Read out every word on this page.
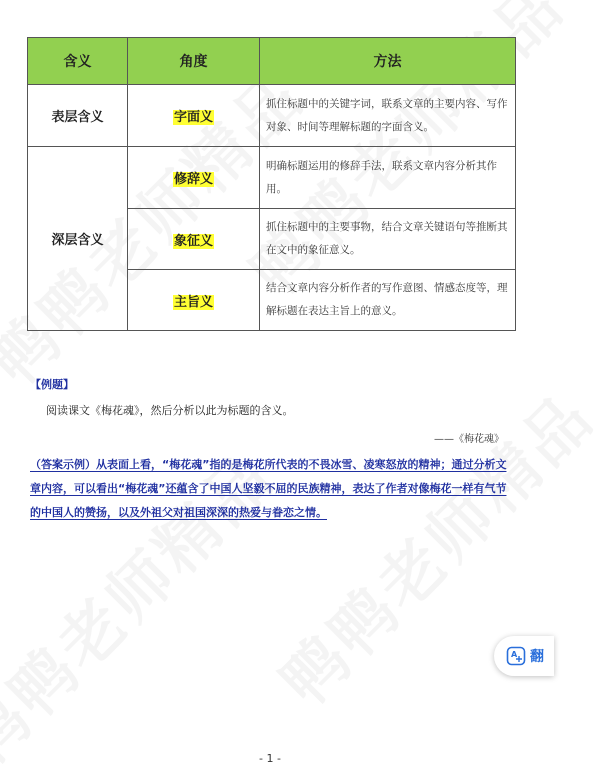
含义	角度	方法
表层含义	字面义	抓住标题中的关键字词，联系文章的主要内容、写作对象、时间等理解标题的字面含义。
深层含义	修辞义	明确标题运用的修辞手法，联系文章内容分析其作用。
	象征义	抓住标题中的主要事物，结合文章关键语句等推断其在文中的象征意义。
	主旨义	结合文章内容分析作者的写作意图、情感态度等，理解标题在表达主旨上的意义。
【例题】
阅读课文《梅花魂》，然后分析以此为标题的含义。
——《梅花魂》
（答案示例）从表面上看，“梅花魂”指的是梅花所代表的不畏冰雪、凌寒怒放的精神；通过分析文章内容，可以看出“梅花魂”还蕴含了中国人坚毅不屈的民族精神，表达了作者对像梅花一样有气节的中国人的赞扬，以及外祖父对祖国深深的热爱与眷恋之情。
A 翻
- 1 -
